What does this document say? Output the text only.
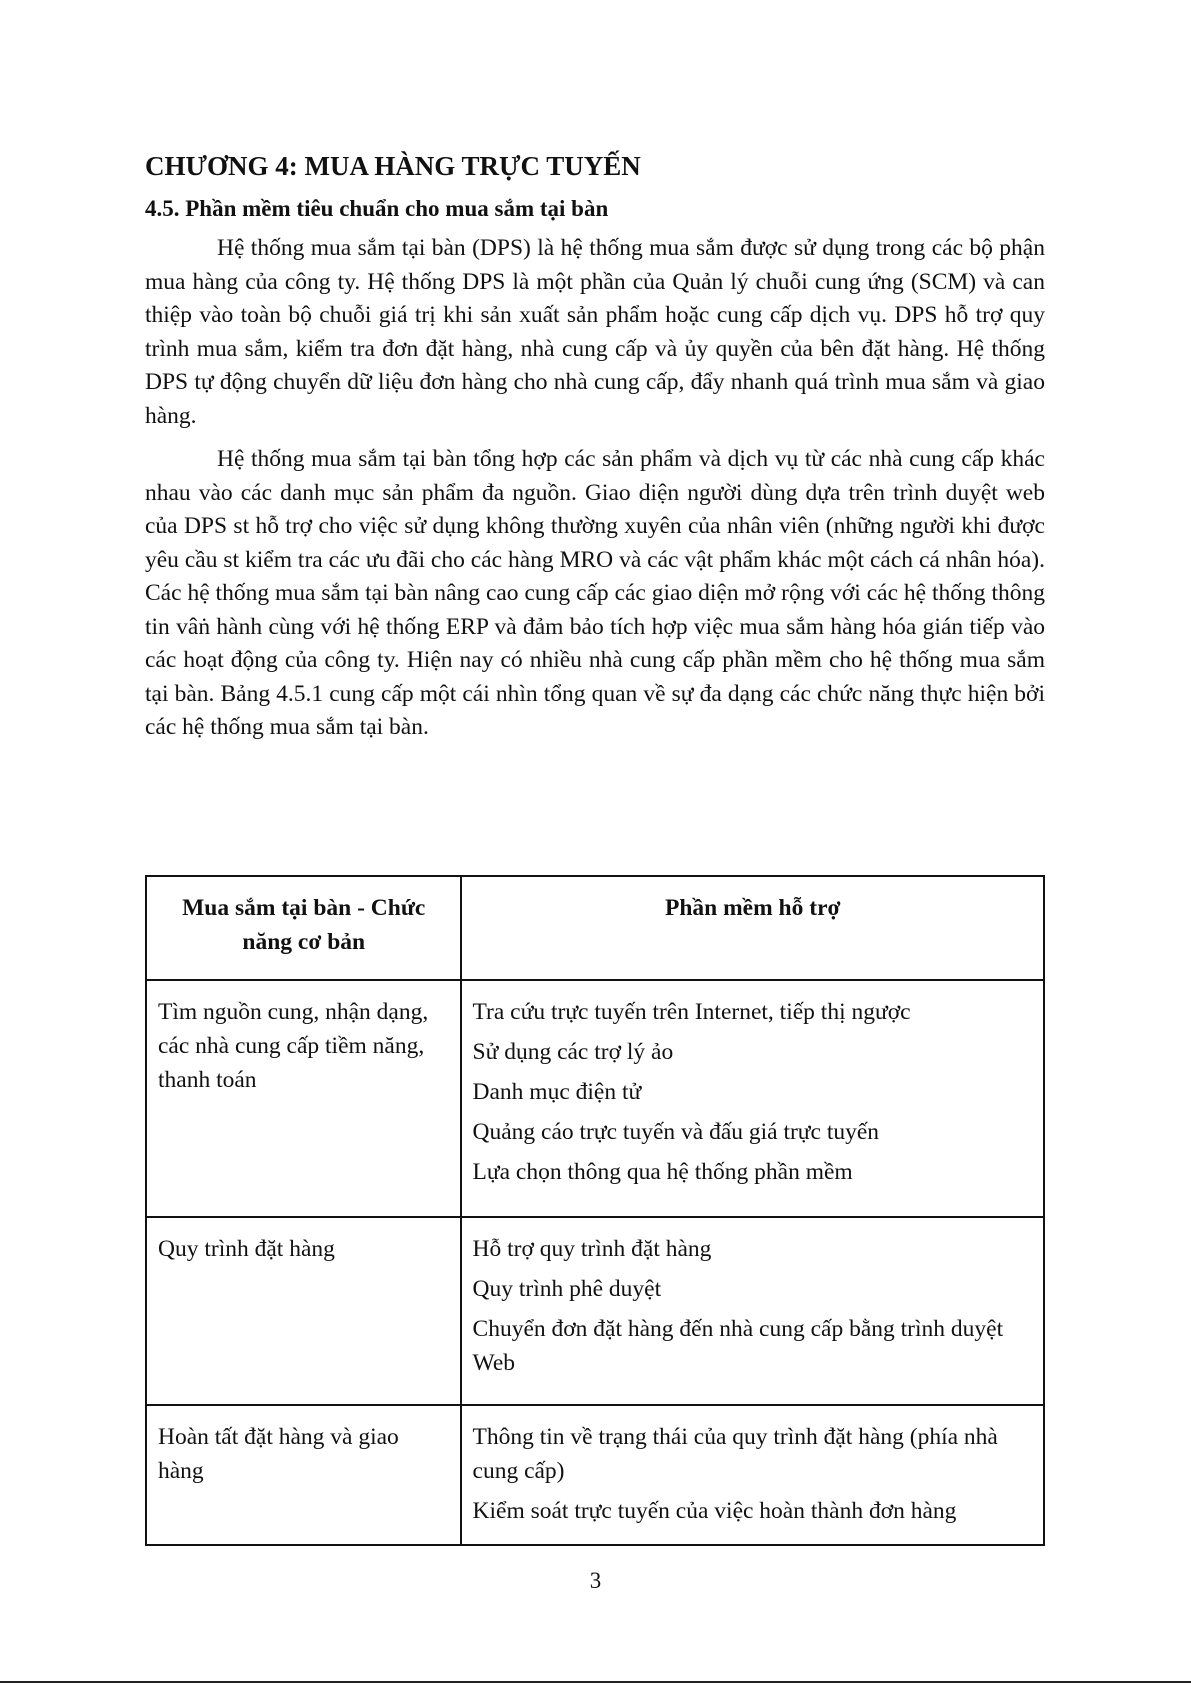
CHƯƠNG 4: MUA HÀNG TRỰC TUYẾN
4.5. Phần mềm tiêu chuẩn cho mua sắm tại bàn

Hệ thống mua sắm tại bàn (DPS) là hệ thống mua sắm được sử dụng trong các bộ phận mua hàng của công ty. Hệ thống DPS là một phần của Quản lý chuỗi cung ứng (SCM) và can thiệp vào toàn bộ chuỗi giá trị khi sản xuất sản phẩm hoặc cung cấp dịch vụ. DPS hỗ trợ quy trình mua sắm, kiểm tra đơn đặt hàng, nhà cung cấp và ủy quyền của bên đặt hàng. Hệ thống DPS tự động chuyển dữ liệu đơn hàng cho nhà cung cấp, đẩy nhanh quá trình mua sắm và giao hàng.

Hệ thống mua sắm tại bàn tổng hợp các sản phẩm và dịch vụ từ các nhà cung cấp khác nhau vào các danh mục sản phẩm đa nguồn. Giao diện người dùng dựa trên trình duyệt web của DPS st hỗ trợ cho việc sử dụng không thường xuyên của nhân viên (những người khi được yêu cầu st kiểm tra các ưu đãi cho các hàng MRO và các vật phẩm khác một cách cá nhân hóa). Các hệ thống mua sắm tại bàn nâng cao cung cấp các giao diện mở rộng với các hệ thống thông tin vâṅ hành cùng với hệ thống ERP và đảm bảo tích hợp việc mua sắm hàng hóa gián tiếp vào các hoạt động của công ty. Hiện nay có nhiều nhà cung cấp phần mềm cho hệ thống mua sắm tại bàn. Bảng 4.5.1 cung cấp một cái nhìn tổng quan về sự đa dạng các chức năng thực hiện bởi các hệ thống mua sắm tại bàn.

Mua sắm tại bàn - Chức năng cơ bản	Phần mềm hỗ trợ
Tìm nguồn cung, nhận dạng, các nhà cung cấp tiềm năng, thanh toán	Tra cứu trực tuyến trên Internet, tiếp thị ngược
Sử dụng các trợ lý ảo
Danh mục điện tử
Quảng cáo trực tuyến và đấu giá trực tuyến
Lựa chọn thông qua hệ thống phần mềm

Quy trình đặt hàng	Hỗ trợ quy trình đặt hàng
Quy trình phê duyệt
Chuyển đơn đặt hàng đến nhà cung cấp bằng trình duyệt Web

Hoàn tất đặt hàng và giao hàng	Thông tin về trạng thái của quy trình đặt hàng (phía nhà cung cấp)
Kiểm soát trực tuyến của việc hoàn thành đơn hàng

3
